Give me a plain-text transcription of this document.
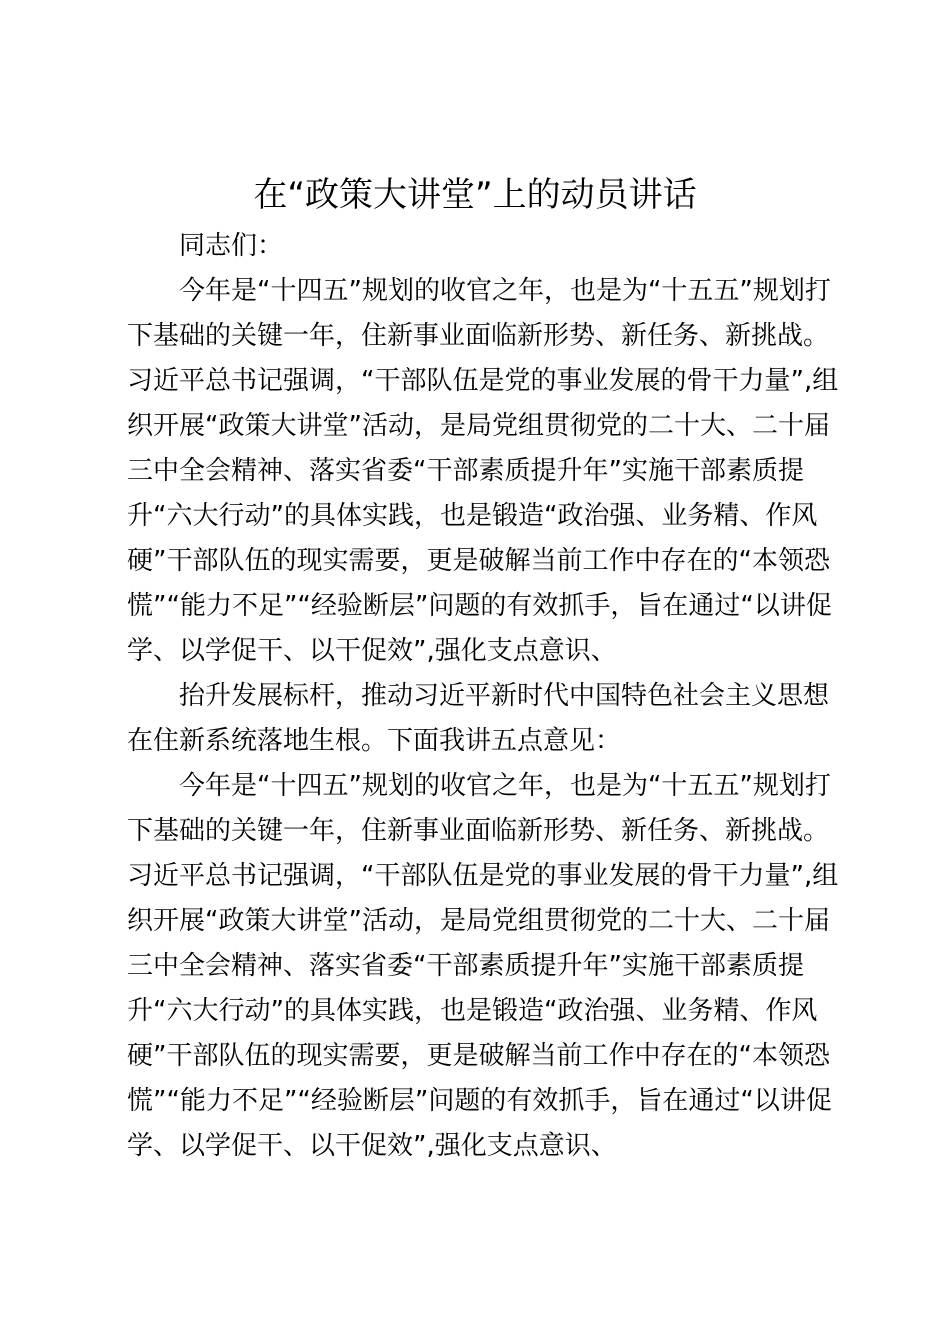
在“政策大讲堂”上的动员讲话
同志们：
今年是“十四五”规划的收官之年，也是为“十五五”规划打
下基础的关键一年，住新事业面临新形势、新任务、新挑战。
习近平总书记强调，“干部队伍是党的事业发展的骨干力量”,组
织开展“政策大讲堂”活动，是局党组贯彻党的二十大、二十届
三中全会精神、落实省委“干部素质提升年”实施干部素质提
升“六大行动”的具体实践，也是锻造“政治强、业务精、作风
硬”干部队伍的现实需要，更是破解当前工作中存在的“本领恐
慌”“能力不足”“经验断层”问题的有效抓手，旨在通过“以讲促
学、以学促干、以干促效”,强化支点意识、
抬升发展标杆，推动习近平新时代中国特色社会主义思想
在住新系统落地生根。下面我讲五点意见：
今年是“十四五”规划的收官之年，也是为“十五五”规划打
下基础的关键一年，住新事业面临新形势、新任务、新挑战。
习近平总书记强调，“干部队伍是党的事业发展的骨干力量”,组
织开展“政策大讲堂”活动，是局党组贯彻党的二十大、二十届
三中全会精神、落实省委“干部素质提升年”实施干部素质提
升“六大行动”的具体实践，也是锻造“政治强、业务精、作风
硬”干部队伍的现实需要，更是破解当前工作中存在的“本领恐
慌”“能力不足”“经验断层”问题的有效抓手，旨在通过“以讲促
学、以学促干、以干促效”,强化支点意识、
